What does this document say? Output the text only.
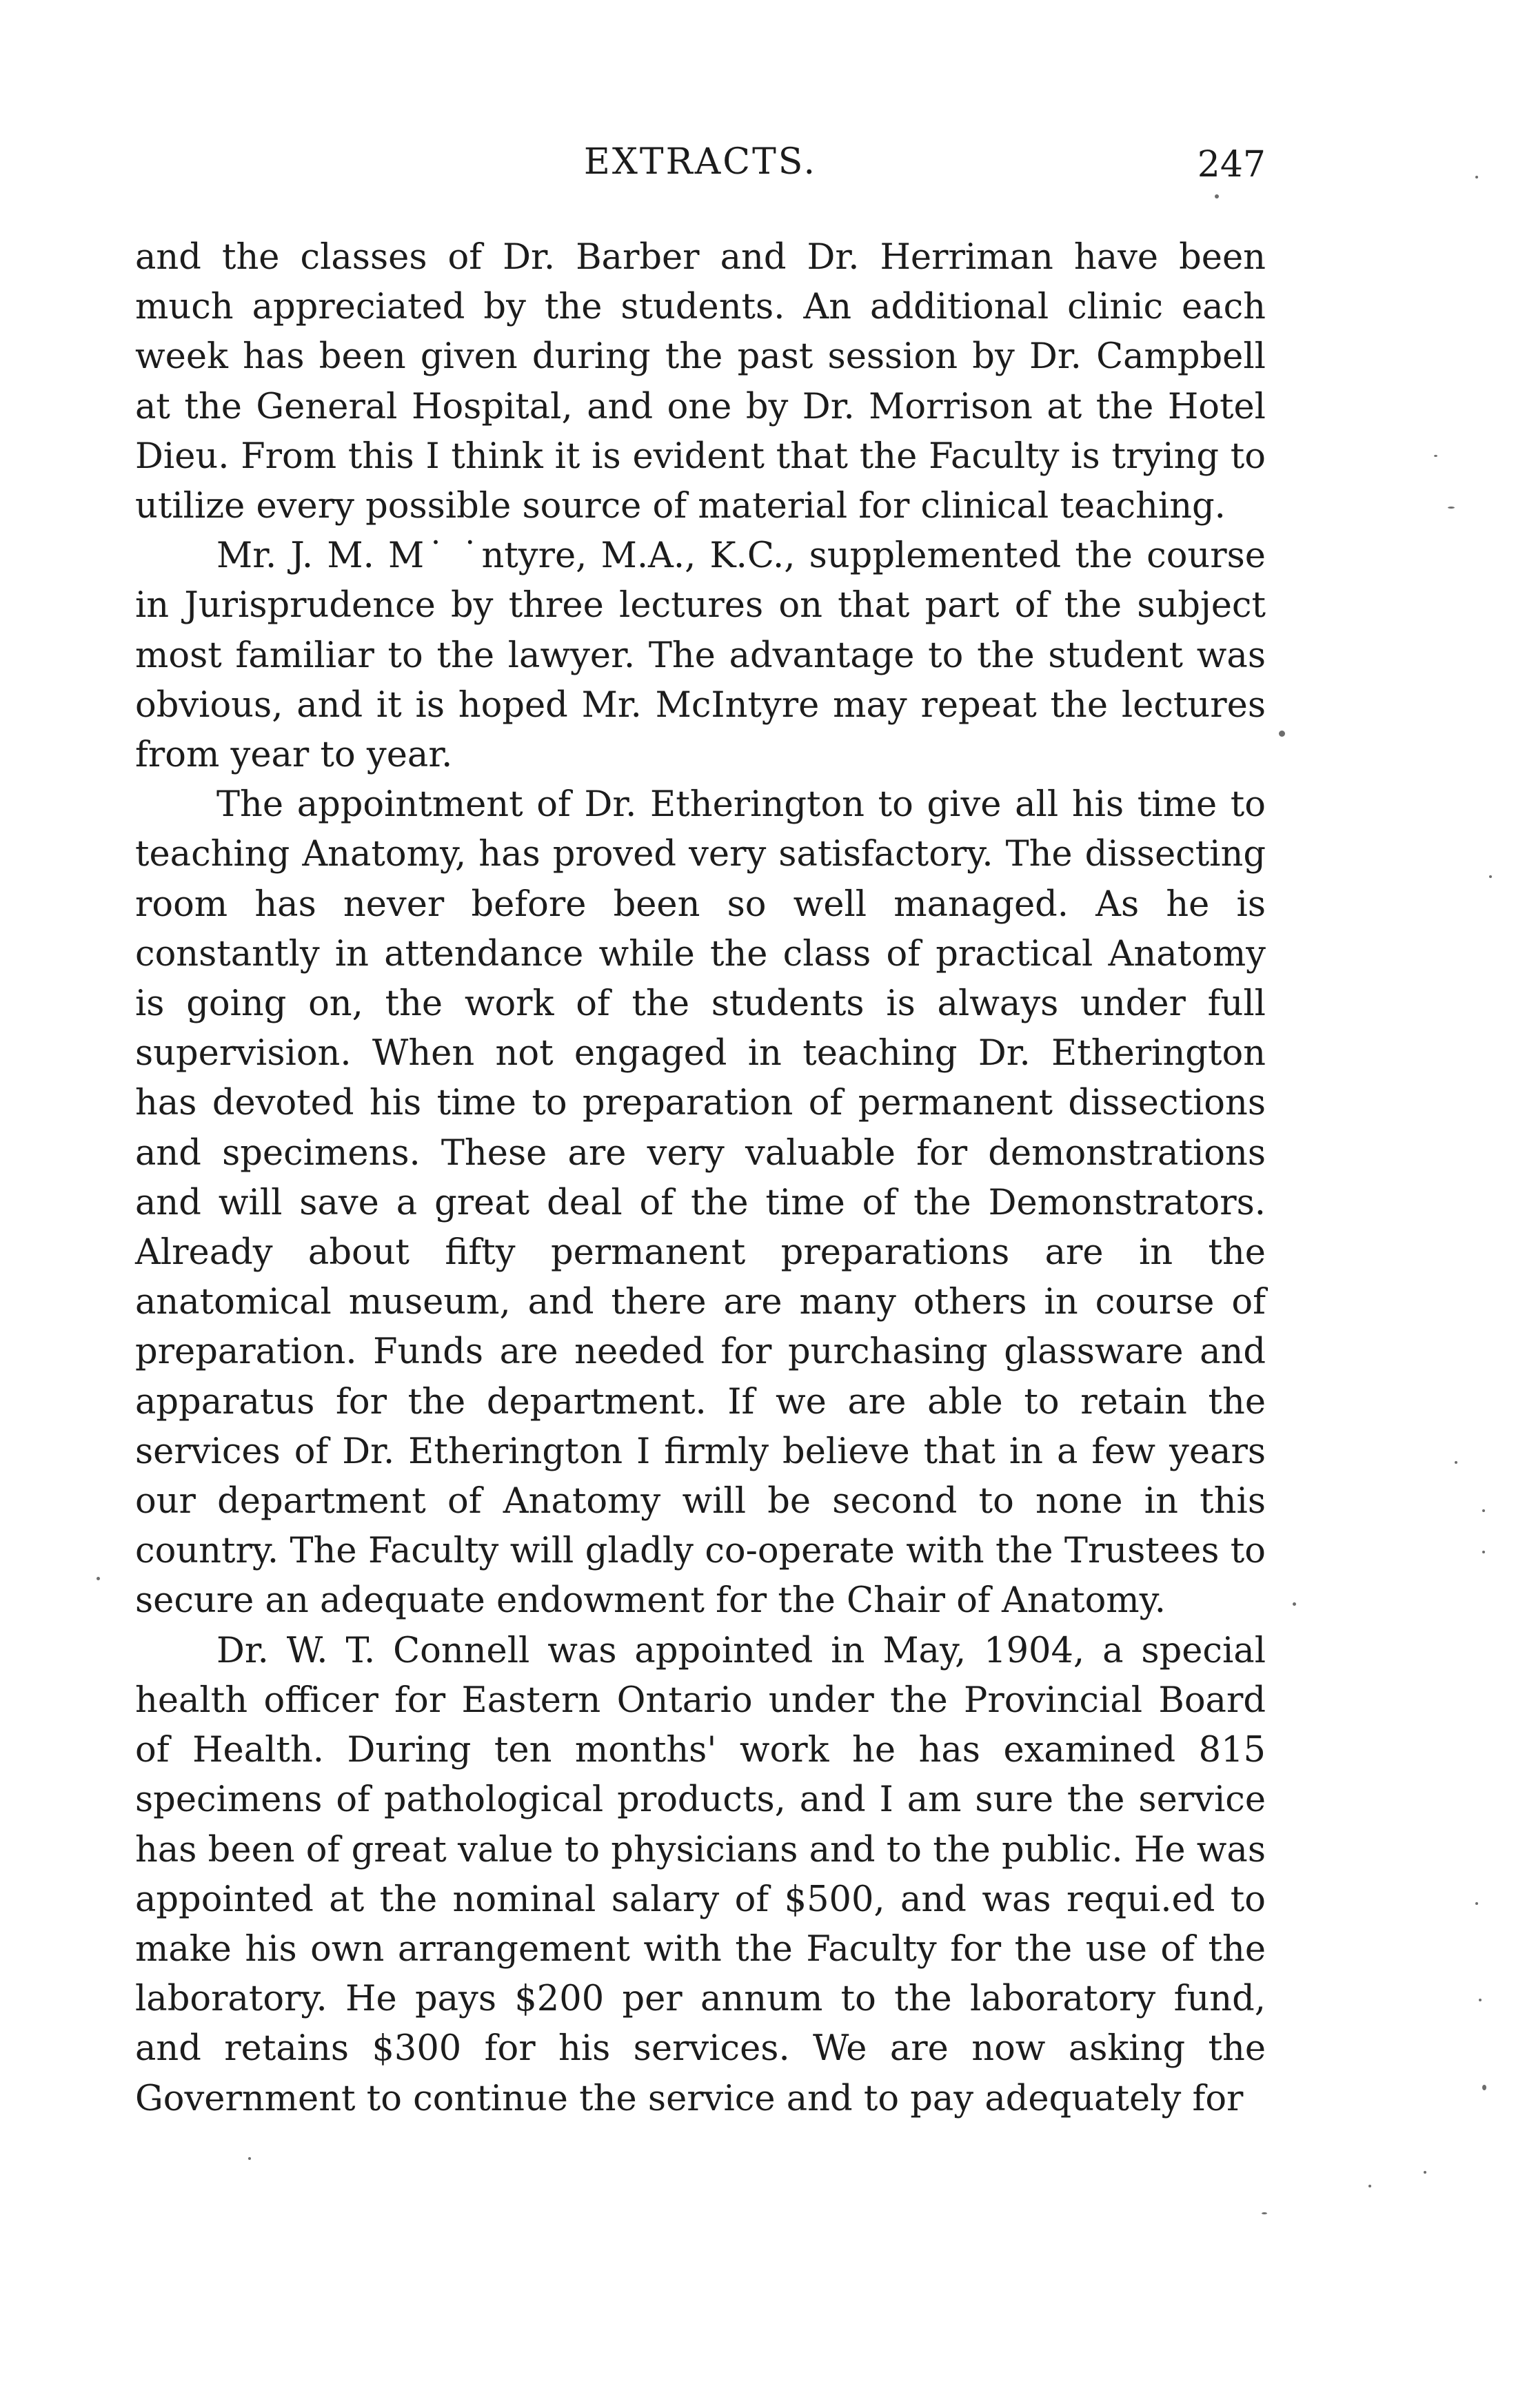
EXTRACTS.	247

and the classes of Dr. Barber and Dr. Herriman have been much appreciated by the students. An additional clinic each week has been given during the past session by Dr. Campbell at the General Hospital, and one by Dr. Morrison at the Hotel Dieu. From this I think it is evident that the Faculty is trying to utilize every possible source of material for clinical teaching.

Mr. J. M. M˙ ˙ntyre, M.A., K.C., supplemented the course in Jurisprudence by three lectures on that part of the subject most familiar to the lawyer. The advantage to the student was obvious, and it is hoped Mr. McIntyre may repeat the lectures from year to year.

The appointment of Dr. Etherington to give all his time to teaching Anatomy, has proved very satisfactory. The dissecting room has never before been so well managed. As he is constantly in attendance while the class of practical Anatomy is going on, the work of the students is always under full supervision. When not engaged in teaching Dr. Etherington has devoted his time to preparation of permanent dissections and specimens. These are very valuable for demonstrations and will save a great deal of the time of the Demonstrators. Already about fifty permanent preparations are in the anatomical museum, and there are many others in course of preparation. Funds are needed for purchasing glassware and apparatus for the department. If we are able to retain the services of Dr. Etherington I firmly believe that in a few years our department of Anatomy will be second to none in this country. The Faculty will gladly co-operate with the Trustees to secure an adequate endowment for the Chair of Anatomy.

Dr. W. T. Connell was appointed in May, 1904, a special health officer for Eastern Ontario under the Provincial Board of Health. During ten months' work he has examined 815 specimens of pathological products, and I am sure the service has been of great value to physicians and to the public. He was appointed at the nominal salary of $500, and was requi.ed to make his own arrangement with the Faculty for the use of the laboratory. He pays $200 per annum to the laboratory fund, and retains $300 for his services. We are now asking the Government to continue the service and to pay adequately for
